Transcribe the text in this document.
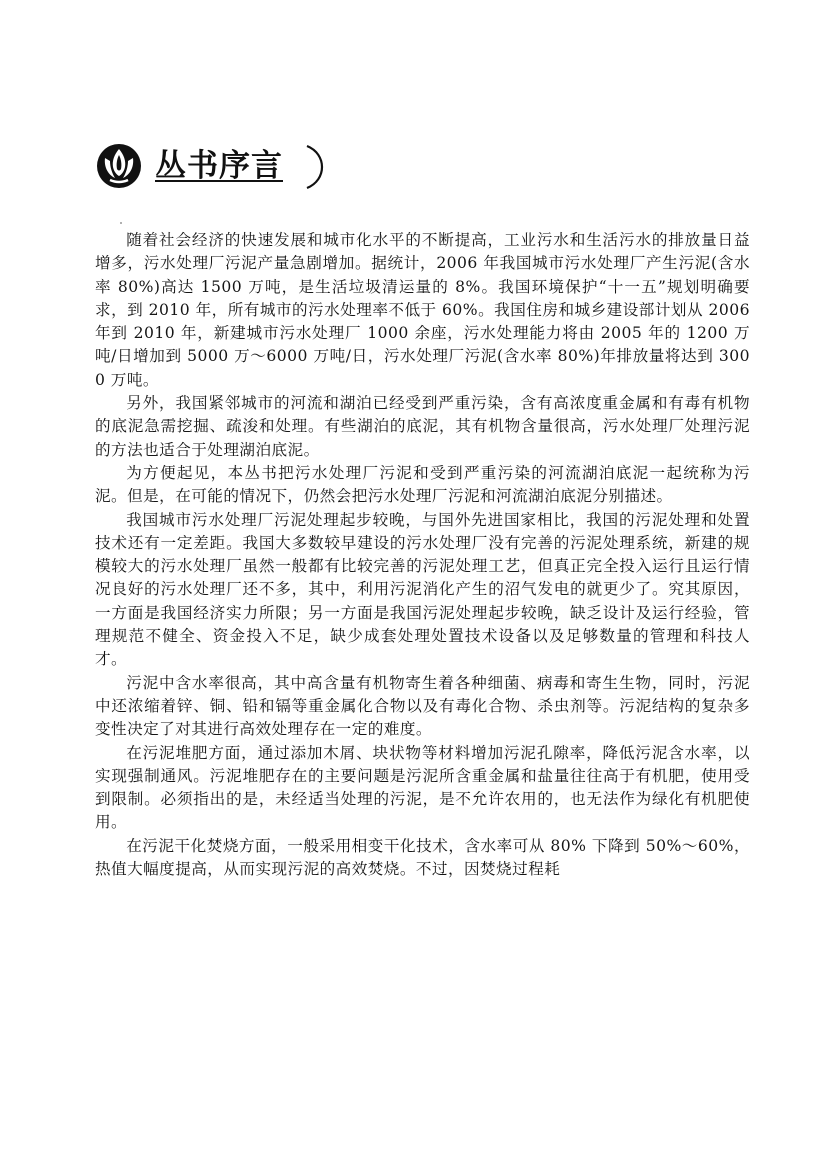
丛书序言

随着社会经济的快速发展和城市化水平的不断提高，工业污水和生活污水的排放量日益增多，污水处理厂污泥产量急剧增加。据统计，2006 年我国城市污水处理厂产生污泥(含水率 80%)高达 1500 万吨，是生活垃圾清运量的 8%。我国环境保护“十一五”规划明确要求，到 2010 年，所有城市的污水处理率不低于 60%。我国住房和城乡建设部计划从 2006 年到 2010 年，新建城市污水处理厂 1000 余座，污水处理能力将由 2005 年的 1200 万吨/日增加到 5000 万～6000 万吨/日，污水处理厂污泥(含水率 80%)年排放量将达到 3000 万吨。

另外，我国紧邻城市的河流和湖泊已经受到严重污染，含有高浓度重金属和有毒有机物的底泥急需挖掘、疏浚和处理。有些湖泊的底泥，其有机物含量很高，污水处理厂处理污泥的方法也适合于处理湖泊底泥。

为方便起见，本丛书把污水处理厂污泥和受到严重污染的河流湖泊底泥一起统称为污泥。但是，在可能的情况下，仍然会把污水处理厂污泥和河流湖泊底泥分别描述。

我国城市污水处理厂污泥处理起步较晚，与国外先进国家相比，我国的污泥处理和处置技术还有一定差距。我国大多数较早建设的污水处理厂没有完善的污泥处理系统，新建的规模较大的污水处理厂虽然一般都有比较完善的污泥处理工艺，但真正完全投入运行且运行情况良好的污水处理厂还不多，其中，利用污泥消化产生的沼气发电的就更少了。究其原因，一方面是我国经济实力所限；另一方面是我国污泥处理起步较晚，缺乏设计及运行经验，管理规范不健全、资金投入不足，缺少成套处理处置技术设备以及足够数量的管理和科技人才。

污泥中含水率很高，其中高含量有机物寄生着各种细菌、病毒和寄生生物，同时，污泥中还浓缩着锌、铜、铅和镉等重金属化合物以及有毒化合物、杀虫剂等。污泥结构的复杂多变性决定了对其进行高效处理存在一定的难度。

在污泥堆肥方面，通过添加木屑、块状物等材料增加污泥孔隙率，降低污泥含水率，以实现强制通风。污泥堆肥存在的主要问题是污泥所含重金属和盐量往往高于有机肥，使用受到限制。必须指出的是，未经适当处理的污泥，是不允许农用的，也无法作为绿化有机肥使用。

在污泥干化焚烧方面，一般采用相变干化技术，含水率可从 80% 下降到 50%～60%，热值大幅度提高，从而实现污泥的高效焚烧。不过，因焚烧过程耗
